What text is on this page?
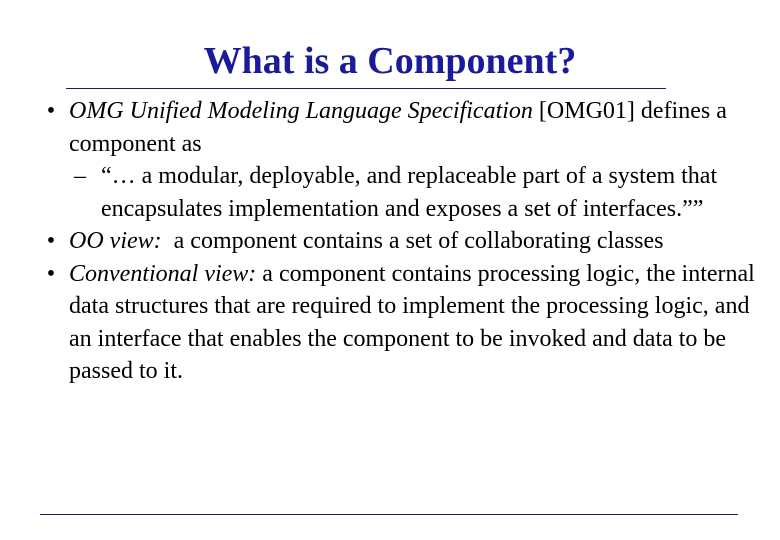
What is a Component?
• OMG Unified Modeling Language Specification [OMG01] defines a component as
– “… a modular, deployable, and replaceable part of a system that encapsulates implementation and exposes a set of interfaces.””
• OO view:  a component contains a set of collaborating classes
• Conventional view: a component contains processing logic, the internal data structures that are required to implement the processing logic, and an interface that enables the component to be invoked and data to be passed to it.
